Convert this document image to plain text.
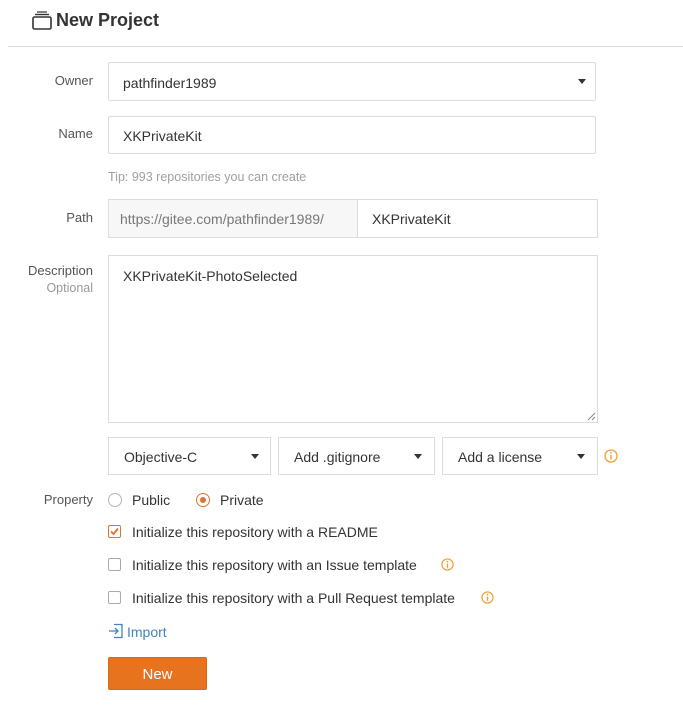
New Project
Owner pathfinder1989
Name XKPrivateKit
Tip: 993 repositories you can create
Path https://gitee.com/pathfinder1989/	XKPrivateKit
Description
Optional
XKPrivateKit-PhotoSelected
Objective-C	Add .gitignore	Add a license
Property	Public	Private
Initialize this repository with a README
Initialize this repository with an Issue template
Initialize this repository with a Pull Request template
Import
New
